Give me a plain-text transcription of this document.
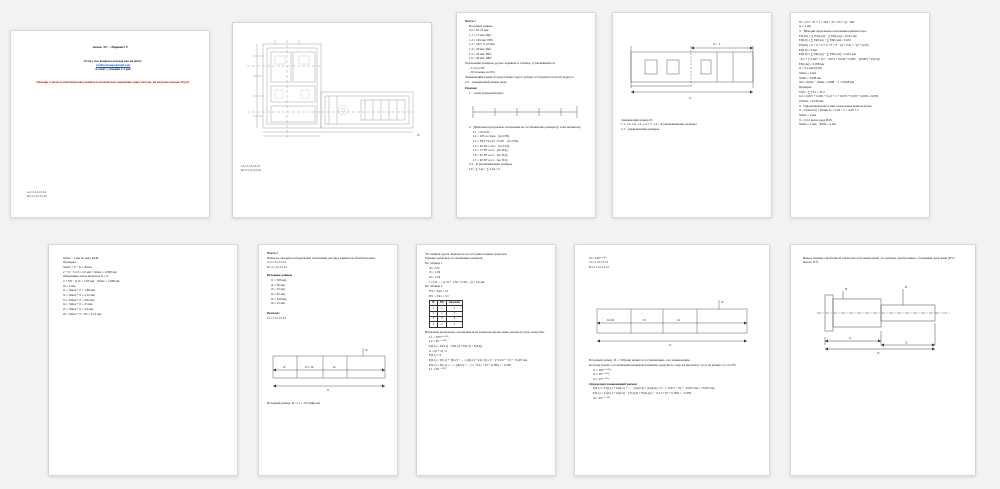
Замок ТС – Вариант 9

Если у вас вопросы подходе как на почту
studiya.hatepo@mail.com
и ответ у течении 1-2 дня

Помощь 2 части и ответами консультанта в оплатен как скреплены через титулы, по загрузке каждая 30 руб.

a1, l1, l2, l3, l4
D1, l1, l2, l3, l4
A
a1, l1, l2, l3, l4
D1, l1, l2, l3, l4
Часть 1
Исходные данные
1.0 = 65 ±2 мм;
1.1 = 15 мм; D4б;
1.2 = 165 мм; D8б;
1.3 = 58,5 ±1,25 мм;
1.4 = 20 мм; D4б;
1.5 = 45 мм; D4б;
1.6 = 40 мм; D8б;
Отклонения размеров, ручью заданных в таблице, устанавливаются:
- 1,5 по IT8;
- Остальные по IT4
Замыкающий размер l0 представляет через глубину от базовой плоскости корпуса.
1.0 – замыкающий размер цепи.
Решение
1.   схема размерной цепи:
2.   Назначаем предельные отклонения на составляющие размеры (п тоже митингов)
L1  = 65 D11;
L2 = 185 составл.   (по IT8);
L3 = 58,5 +0,125 −0,125    (по IT8);
L4 = 20 D11 сост.   (по IT4);
L5 = 15 H7 сост.   (по IT4);
L6 = 45 H7 сост.   (по IT4);
L7 = 40 H7 сост.   (по IT4);
3.4 – К увеличивающие размеры.
L0 = ∑ Lув − ∑ Lум = 0
l5 − a
l1
Замыкающий размер l0:
1.1, 1.2, 1.6, 1.3, 1.4, 1.7, 1.0 – К увеличивающие размеры.
1.2 – уменьшающие размеры.
l0 = (15 + 25 + 2 + 218 + 45 + 65 + 4) − 282
X = 2 мм
3.   Находим предельные отклонения компенсатора
ES(L0) = ∑ ES(Lув) − ∑ EI(Lум) = 0,161 мм
EI(L0) = ∑ EI(Lув) − ∑ ES(Lум) = 0,201
ES(L0) = 0 + 0 + 0 + 0 + 0 + 0 − (0 + 0,2) = −(0 + 0,25)
EI(L0) = 0 мм
EI(L0) = ∑ EI(Lув) − ∑ ES(Lум) = 0,201 мм
−0,2 + (−0,027 + 0,2 − 0,072 + 0,030 + 0,095 − (0,085) + E(L0))
EI(Lум) = 0,058 мм
X = 0,2 мм^(0,05)
Xmax = 2 мм
Xmin = 2,098 мм
X0 = Xmax − Xmin = 2,098 − 2 = 0,098 мм
Проверка
TX0 = ∑ TL1 = TL2
0,2 = 0,027 + 0,081 + 0,21 + 2 + 0,072 + 0,035 + 0,039 = 0,058
TXmax = 0,198 мм
4.   Определяем макс и мин. предельные компенсаторы
X = (Xmax/2) + (Xmin/2) = 2,29 + 2 = 4,29 + 3
Xmax = 2 мм
X = 0,12 мм на ряде B,05
Xmax = 2 мм;   Xmin = 2 мм
Xmax − 2 мм по ряду Ra40.
Проверка:
Xmax + 0 − X = Xmax
2 + X − 0,13 = 2,0 мм > Xmax = 2,098 мм
Ожидаемые числа проколов N = 0.
2 + 0,8 − 0,12 = 1,93 мм;   Xmax = 2,098 мм
l0 = 2 мм;
l1 = Xmax + 0 = 1,88 мм;
l2 = Xmax + 0 = 2,12 мм;
l3 = Xmax + 0 = 250 мм;
l4 = Xmax + 0 = 25 мм;
l5 = Xmax + 0 = 2,0 мм;
l6 = Xmax + 0 = 65 = 2,12 мм;
Часть 2
Написать алгоритм и предельные отклонения для двух вариантов обработки цепи.
a1, l1, l2, l3, l4
D1, l1, l2, l3, l4
Исходные данные
l1 = 305 мм;
l2 = 40 мм;
l3 = 55 мм;
l4 = 95 мм;
l5 = 250 мм;
l6 = 25 мм;
Решение:
a1, l1, l2, l3, l4
l2	l3 = i0	l4
l5
l1
Исходный размер: l0 = l1 = 135 мм(ном)
Это прямая задача. Решаем ее способ равностенных допусков.
Единица допусков составляющих размеров:
По таблице 1
l0 = 325
i3 = 1,56
i0 = 1,56
i = (Ta ... / (1,31 + 1,56 + 2,28 ... )) = 3,0 мм
По таблице 1:
IT2 = Tk2 = 12
IT1 = Tk1 = 5,5
IT	ITk	Квалитет
1	1	5
2	5	5
3	4	6
4	0	5
Назначаем предельные отклонения всем размерам (кроме лишь указано) в поле отверстия:
L1 = 305⁺⁰·⁰⁵⁵;
L2 = 40⁻⁰·⁰⁵⁵;
E(L1) = Ta(L1) − [E(L2) + E(L3) + E(L4)]
X = [0 + 4] / 2
E(L1) = 0
E(L1) = T(L1) + T(L2) + ... = [4(L2) + 4 (L3)] = 0 − (−0,017 + 0) + −0,027 мм
E(L1) = T(L1) = ... = [4(L2) + ... ] = −0,21 + [0 + 0,185] = −0,395
L1 = 95⁻⁰·³⁹⁵
l0 = 250⁽⁰·⁰¹⁰⁾
a1, l1, l2, l3, l4
D1, l1, l2, l3, l4
l2=i0	l3	l4
l5
l1
Исходный размер  l0 = 135(ном) является составляющим, а не замыкающим.
Поэтому можно составляющим размерам назначены допуски по тому же квалитету, что и на размер, т.е. по IT9
l1 = 305⁽⁰·⁰⁵⁵⁾;
l2 = 40⁽⁰·⁰⁵⁰⁾;
l3 = 25⁽⁰·⁰⁵⁰⁾;
Определяем замыкающий размер:
E(L1) = T1(L1) + T2(L2) + ... − [A1(L3) + A2(L4)] = 0 − (−0,017 + 0) + −0,027 мм = +0,027 мм
E(L1) = T1(L1) + A2(L2) − [T1(L3) + E2(L4)] = −0,21 + [0 + 0,185] = −0,395
l0 = 95⁽⁻⁰·³⁹⁵⁾
Вывод: вариант обработки l0 заключается большая цепей, т.е. размеры обработанные с большими допусками (IT11 вместо IT7)
Ø	Ø
l1
l2
l3
